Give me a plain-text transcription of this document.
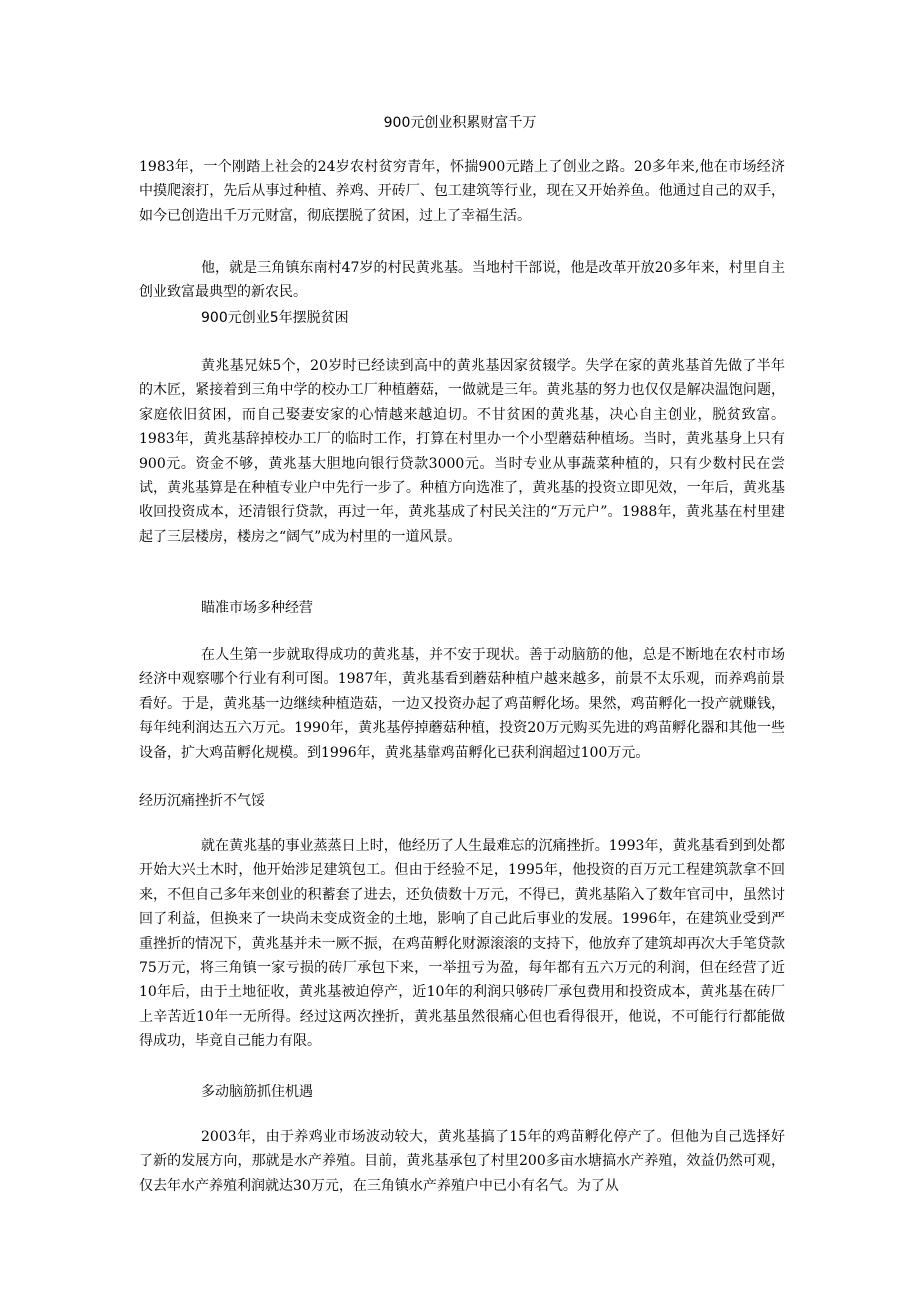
900元创业积累财富千万

1983年，一个刚踏上社会的24岁农村贫穷青年，怀揣900元踏上了创业之路。20多年来,他在市场经济中摸爬滚打，先后从事过种植、养鸡、开砖厂、包工建筑等行业，现在又开始养鱼。他通过自己的双手，如今已创造出千万元财富，彻底摆脱了贫困，过上了幸福生活。

他，就是三角镇东南村47岁的村民黄兆基。当地村干部说，他是改革开放20多年来，村里自主创业致富最典型的新农民。

900元创业5年摆脱贫困

黄兆基兄妹5个，20岁时已经读到高中的黄兆基因家贫辍学。失学在家的黄兆基首先做了半年的木匠，紧接着到三角中学的校办工厂种植蘑菇，一做就是三年。黄兆基的努力也仅仅是解决温饱问题，家庭依旧贫困，而自己娶妻安家的心情越来越迫切。不甘贫困的黄兆基，决心自主创业，脱贫致富。1983年，黄兆基辞掉校办工厂的临时工作，打算在村里办一个小型蘑菇种植场。当时，黄兆基身上只有900元。资金不够，黄兆基大胆地向银行贷款3000元。当时专业从事蔬菜种植的，只有少数村民在尝试，黄兆基算是在种植专业户中先行一步了。种植方向选准了，黄兆基的投资立即见效，一年后，黄兆基收回投资成本，还清银行贷款，再过一年，黄兆基成了村民关注的“万元户”。1988年，黄兆基在村里建起了三层楼房，楼房之“阔气”成为村里的一道风景。

瞄准市场多种经营

在人生第一步就取得成功的黄兆基，并不安于现状。善于动脑筋的他，总是不断地在农村市场经济中观察哪个行业有利可图。1987年，黄兆基看到蘑菇种植户越来越多，前景不太乐观，而养鸡前景看好。于是，黄兆基一边继续种植造菇，一边又投资办起了鸡苗孵化场。果然，鸡苗孵化一投产就赚钱，每年纯利润达五六万元。1990年，黄兆基停掉蘑菇种植，投资20万元购买先进的鸡苗孵化器和其他一些设备，扩大鸡苗孵化规模。到1996年，黄兆基靠鸡苗孵化已获利润超过100万元。

经历沉痛挫折不气馁

就在黄兆基的事业蒸蒸日上时，他经历了人生最难忘的沉痛挫折。1993年，黄兆基看到到处都开始大兴土木时，他开始涉足建筑包工。但由于经验不足，1995年，他投资的百万元工程建筑款拿不回来，不但自己多年来创业的积蓄套了进去，还负债数十万元，不得已，黄兆基陷入了数年官司中，虽然讨回了利益，但换来了一块尚未变成资金的土地，影响了自己此后事业的发展。1996年，在建筑业受到严重挫折的情况下，黄兆基并未一厥不振，在鸡苗孵化财源滚滚的支持下，他放弃了建筑却再次大手笔贷款75万元，将三角镇一家亏损的砖厂承包下来，一举扭亏为盈，每年都有五六万元的利润，但在经营了近10年后，由于土地征收，黄兆基被迫停产，近10年的利润只够砖厂承包费用和投资成本，黄兆基在砖厂上辛苦近10年一无所得。经过这两次挫折，黄兆基虽然很痛心但也看得很开，他说，不可能行行都能做得成功，毕竟自己能力有限。

多动脑筋抓住机遇

2003年，由于养鸡业市场波动较大，黄兆基搞了15年的鸡苗孵化停产了。但他为自己选择好了新的发展方向，那就是水产养殖。目前，黄兆基承包了村里200多亩水塘搞水产养殖，效益仍然可观，仅去年水产养殖利润就达30万元，在三角镇水产养殖户中已小有名气。为了从
